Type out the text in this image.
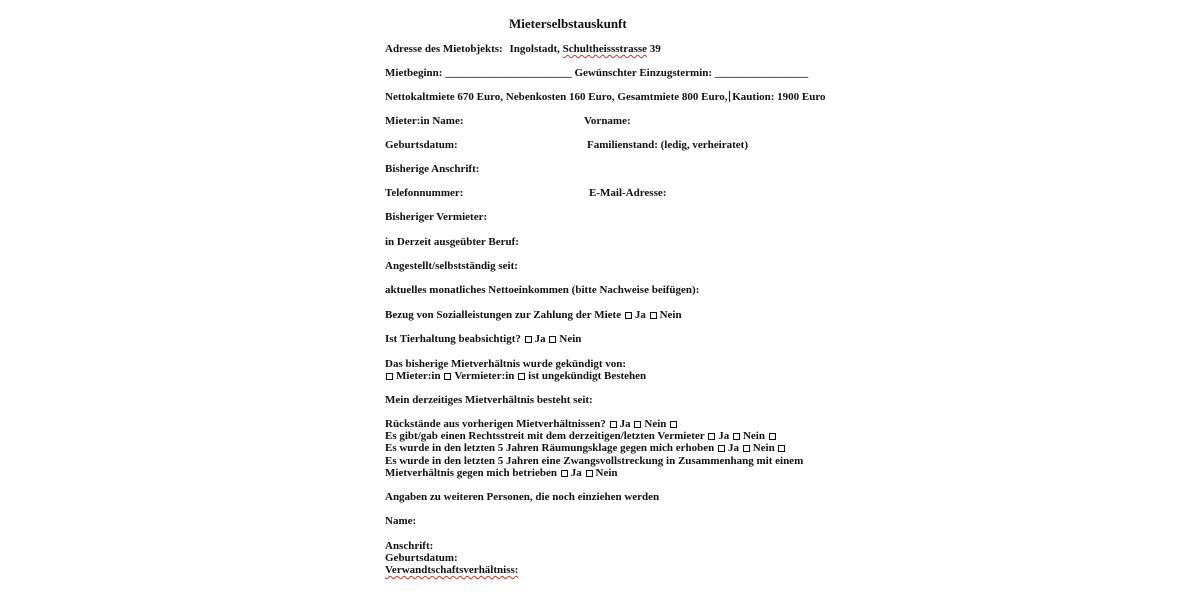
Mieterselbstauskunft
Adresse des Mietobjekts: Ingolstadt, Schultheissstrasse 39
Mietbeginn: _______________________ Gewünschter Einzugstermin: _________________
Nettokaltmiete 670 Euro, Nebenkosten 160 Euro, Gesamtmiete 800 Euro, Kaution: 1900 Euro
Mieter:in Name:	Vorname:
Geburtsdatum:	Familienstand: (ledig, verheiratet)
Bisherige Anschrift:
Telefonnummer:	E-Mail-Adresse:
Bisheriger Vermieter:
in Derzeit ausgeübter Beruf:
Angestellt/selbstständig seit:
aktuelles monatliches Nettoeinkommen (bitte Nachweise beifügen):
Bezug von Sozialleistungen zur Zahlung der Miete Ja Nein
Ist Tierhaltung beabsichtigt? Ja Nein
Das bisherige Mietverhältnis wurde gekündigt von:
Mieter:in Vermieter:in ist ungekündigt Bestehen
Mein derzeitiges Mietverhältnis besteht seit:
Rückstände aus vorherigen Mietverhältnissen? Ja Nein
Es gibt/gab einen Rechtsstreit mit dem derzeitigen/letzten Vermieter Ja Nein
Es wurde in den letzten 5 Jahren Räumungsklage gegen mich erhoben Ja Nein
Es wurde in den letzten 5 Jahren eine Zwangsvollstreckung in Zusammenhang mit einem
Mietverhältnis gegen mich betrieben Ja Nein
Angaben zu weiteren Personen, die noch einziehen werden
Name:
Anschrift:
Geburtsdatum:
Verwandtschaftsverhältniss:
